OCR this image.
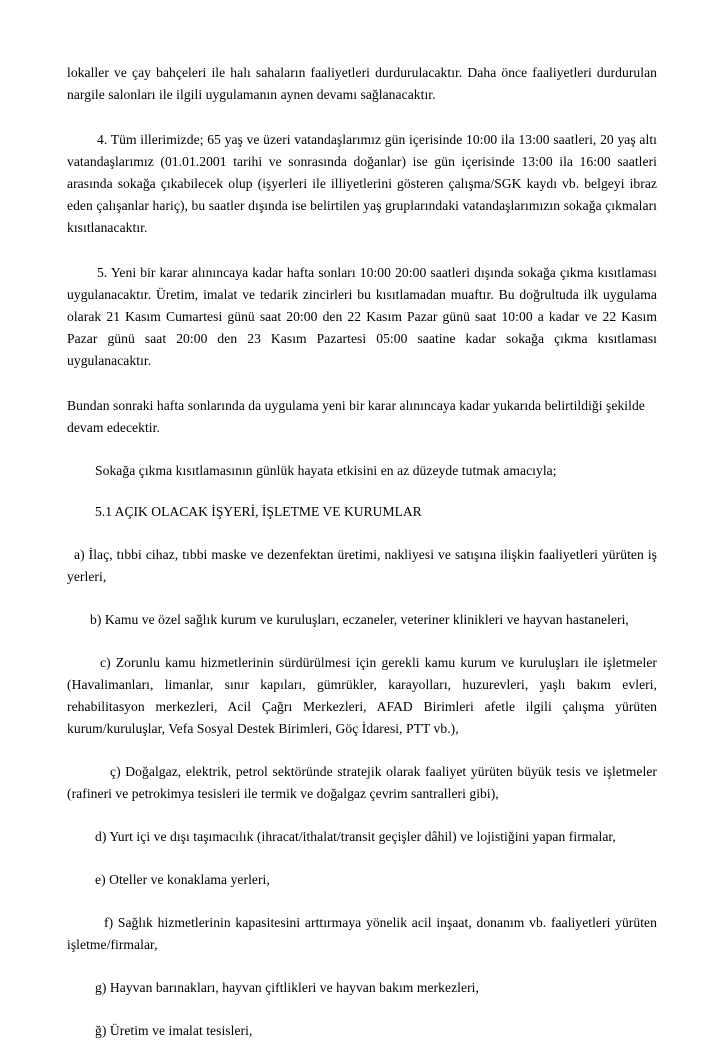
lokaller ve çay bahçeleri ile halı sahaların faaliyetleri durdurulacaktır. Daha önce faaliyetleri durdurulan nargile salonları ile ilgili uygulamanın aynen devamı sağlanacaktır.

4. Tüm illerimizde; 65 yaş ve üzeri vatandaşlarımız gün içerisinde 10:00 ila 13:00 saatleri, 20 yaş altı vatandaşlarımız (01.01.2001 tarihi ve sonrasında doğanlar) ise gün içerisinde 13:00 ila 16:00 saatleri arasında sokağa çıkabilecek olup (işyerleri ile illiyetlerini gösteren çalışma/SGK kaydı vb. belgeyi ibraz eden çalışanlar hariç), bu saatler dışında ise belirtilen yaş gruplarındaki vatandaşlarımızın sokağa çıkmaları kısıtlanacaktır.

5. Yeni bir karar alınıncaya kadar hafta sonları 10:00 20:00 saatleri dışında sokağa çıkma kısıtlaması uygulanacaktır. Üretim, imalat ve tedarik zincirleri bu kısıtlamadan muaftır. Bu doğrultuda ilk uygulama olarak 21 Kasım Cumartesi günü saat 20:00 den 22 Kasım Pazar günü saat 10:00 a kadar ve 22 Kasım Pazar günü saat 20:00 den 23 Kasım Pazartesi 05:00 saatine kadar sokağa çıkma kısıtlaması uygulanacaktır.

Bundan sonraki hafta sonlarında da uygulama yeni bir karar alınıncaya kadar yukarıda belirtildiği şekilde devam edecektir.

Sokağa çıkma kısıtlamasının günlük hayata etkisini en az düzeyde tutmak amacıyla;

5.1 AÇIK OLACAK İŞYERİ, İŞLETME VE KURUMLAR

a) İlaç, tıbbi cihaz, tıbbi maske ve dezenfektan üretimi, nakliyesi ve satışına ilişkin faaliyetleri yürüten iş yerleri,

b) Kamu ve özel sağlık kurum ve kuruluşları, eczaneler, veteriner klinikleri ve hayvan hastaneleri,

c) Zorunlu kamu hizmetlerinin sürdürülmesi için gerekli kamu kurum ve kuruluşları ile işletmeler (Havalimanları, limanlar, sınır kapıları, gümrükler, karayolları, huzurevleri, yaşlı bakım evleri, rehabilitasyon merkezleri, Acil Çağrı Merkezleri, AFAD Birimleri afetle ilgili çalışma yürüten kurum/kuruluşlar, Vefa Sosyal Destek Birimleri, Göç İdaresi, PTT vb.),

ç) Doğalgaz, elektrik, petrol sektöründe stratejik olarak faaliyet yürüten büyük tesis ve işletmeler (rafineri ve petrokimya tesisleri ile termik ve doğalgaz çevrim santralleri gibi),

d) Yurt içi ve dışı taşımacılık (ihracat/ithalat/transit geçişler dâhil) ve lojistiğini yapan firmalar,

e) Oteller ve konaklama yerleri,

f) Sağlık hizmetlerinin kapasitesini arttırmaya yönelik acil inşaat, donanım vb. faaliyetleri yürüten işletme/firmalar,

g) Hayvan barınakları, hayvan çiftlikleri ve hayvan bakım merkezleri,

ğ) Üretim ve imalat tesisleri,
